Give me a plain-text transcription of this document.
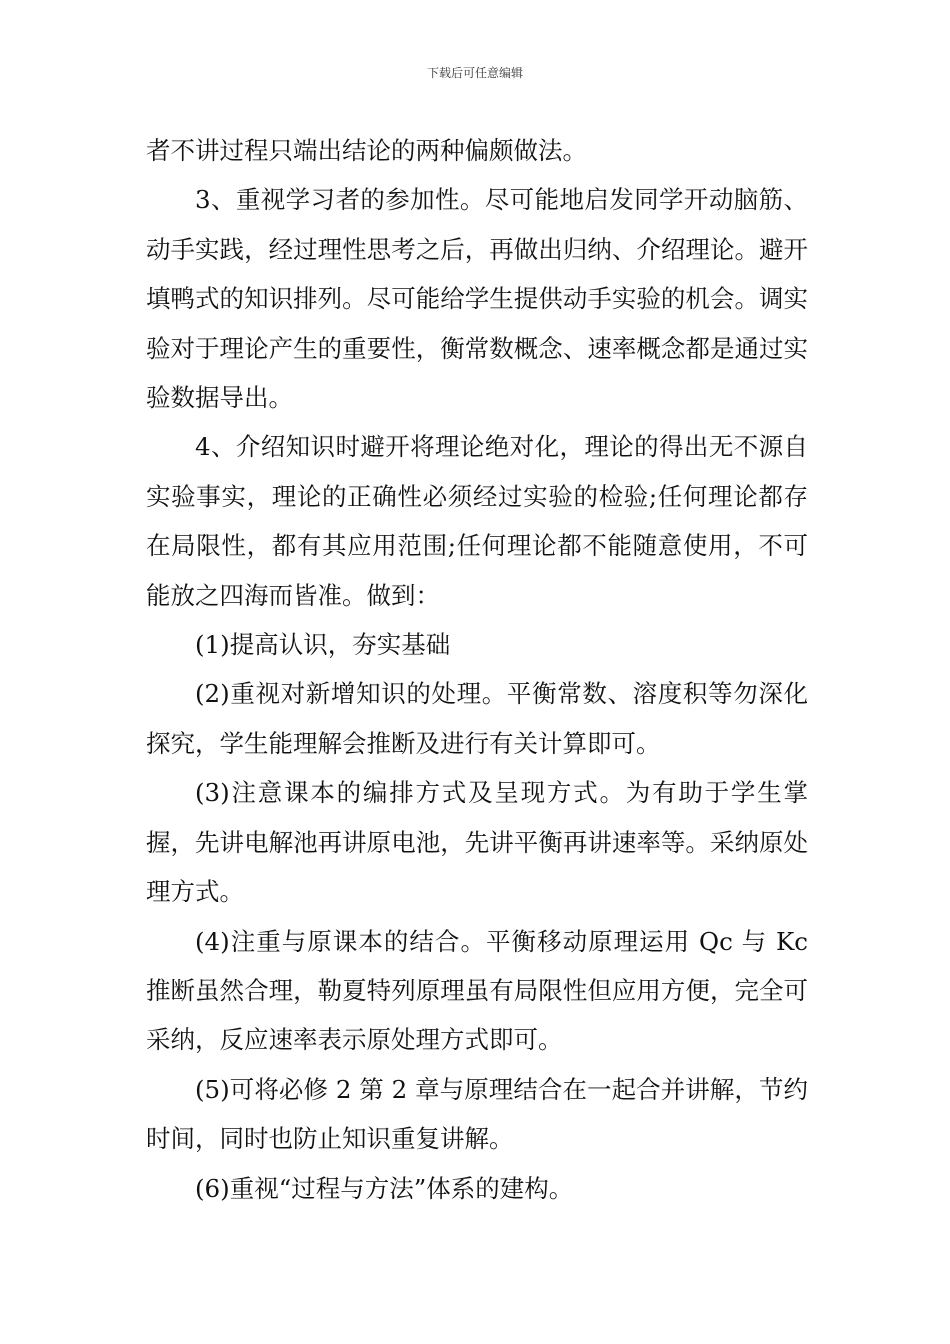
下载后可任意编辑

者不讲过程只端出结论的两种偏颇做法。

3、重视学习者的参加性。尽可能地启发同学开动脑筋、动手实践，经过理性思考之后，再做出归纳、介绍理论。避开填鸭式的知识排列。尽可能给学生提供动手实验的机会。调实验对于理论产生的重要性，衡常数概念、速率概念都是通过实验数据导出。

4、介绍知识时避开将理论绝对化，理论的得出无不源自实验事实，理论的正确性必须经过实验的检验;任何理论都存在局限性，都有其应用范围;任何理论都不能随意使用，不可能放之四海而皆准。做到：

(1)提高认识，夯实基础

(2)重视对新增知识的处理。平衡常数、溶度积等勿深化探究，学生能理解会推断及进行有关计算即可。

(3)注意课本的编排方式及呈现方式。为有助于学生掌握，先讲电解池再讲原电池，先讲平衡再讲速率等。采纳原处理方式。

(4)注重与原课本的结合。平衡移动原理运用 Qc 与 Kc 推断虽然合理，勒夏特列原理虽有局限性但应用方便，完全可采纳，反应速率表示原处理方式即可。

(5)可将必修 2 第 2 章与原理结合在一起合并讲解，节约时间，同时也防止知识重复讲解。

(6)重视“过程与方法”体系的建构。
